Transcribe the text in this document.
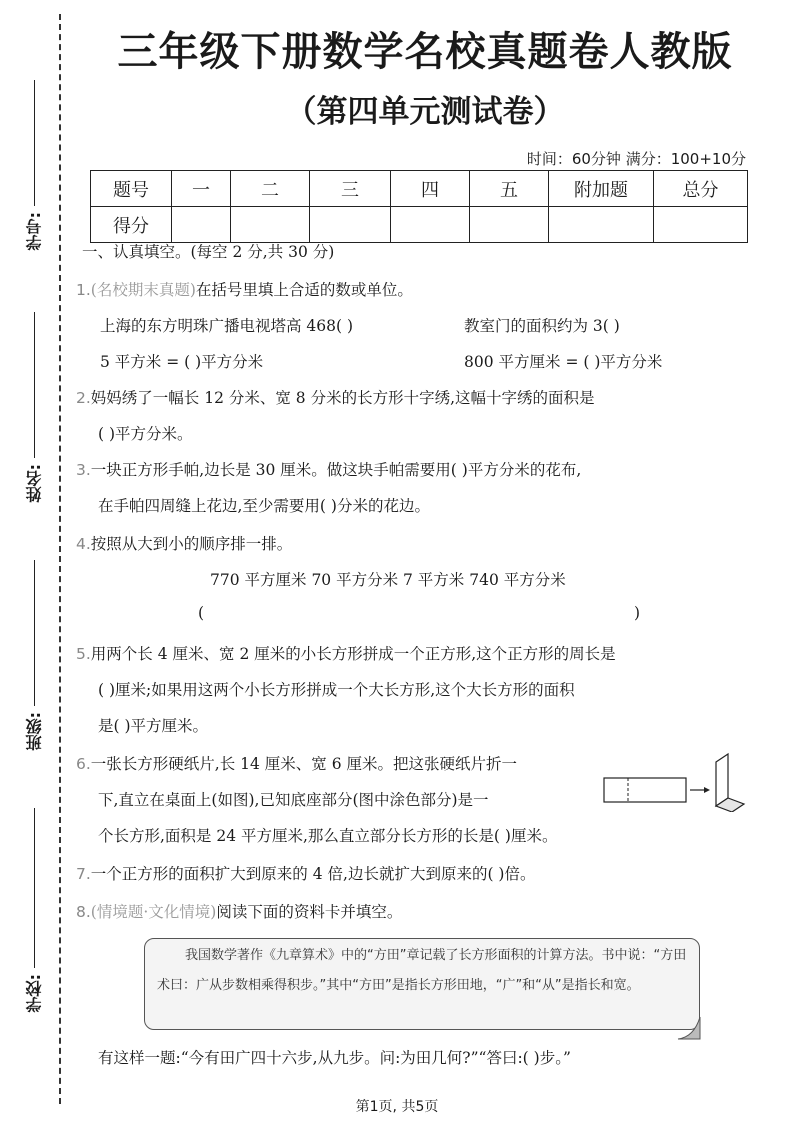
学号:
姓名:
班级:
学校:
三年级下册数学名校真题卷人教版
（第四单元测试卷）
时间：60分钟 满分：100+10分
题号	一	二	三	四	五	附加题	总分
得分							
一、认真填空。(每空 2 分,共 30 分)
1.(名校期末真题)在括号里填上合适的数或单位。
上海的东方明珠广播电视塔高 468( )	教室门的面积约为 3( )
5 平方米 = ( )平方分米	800 平方厘米 = ( )平方分米
2.妈妈绣了一幅长 12 分米、宽 8 分米的长方形十字绣,这幅十字绣的面积是
( )平方分米。
3.一块正方形手帕,边长是 30 厘米。做这块手帕需要用( )平方分米的花布,
在手帕四周缝上花边,至少需要用( )分米的花边。
4.按照从大到小的顺序排一排。
770 平方厘米 70 平方分米 7 平方米 740 平方分米
(	)
5.用两个长 4 厘米、宽 2 厘米的小长方形拼成一个正方形,这个正方形的周长是
( )厘米;如果用这两个小长方形拼成一个大长方形,这个大长方形的面积
是( )平方厘米。
6.一张长方形硬纸片,长 14 厘米、宽 6 厘米。把这张硬纸片折一
下,直立在桌面上(如图),已知底座部分(图中涂色部分)是一
个长方形,面积是 24 平方厘米,那么直立部分长方形的长是( )厘米。
7.一个正方形的面积扩大到原来的 4 倍,边长就扩大到原来的( )倍。
8.(情境题·文化情境)阅读下面的资料卡并填空。
有这样一题:“今有田广四十六步,从九步。问:为田几何?”“答曰:( )步。”

我国数学著作《九章算术》中的“方田”章记载了长方形面积的计算方法。书中说：“方田术曰：广从步数相乘得积步。”其中“方田”是指长方形田地，“广”和“从”是指长和宽。

第1页, 共5页
